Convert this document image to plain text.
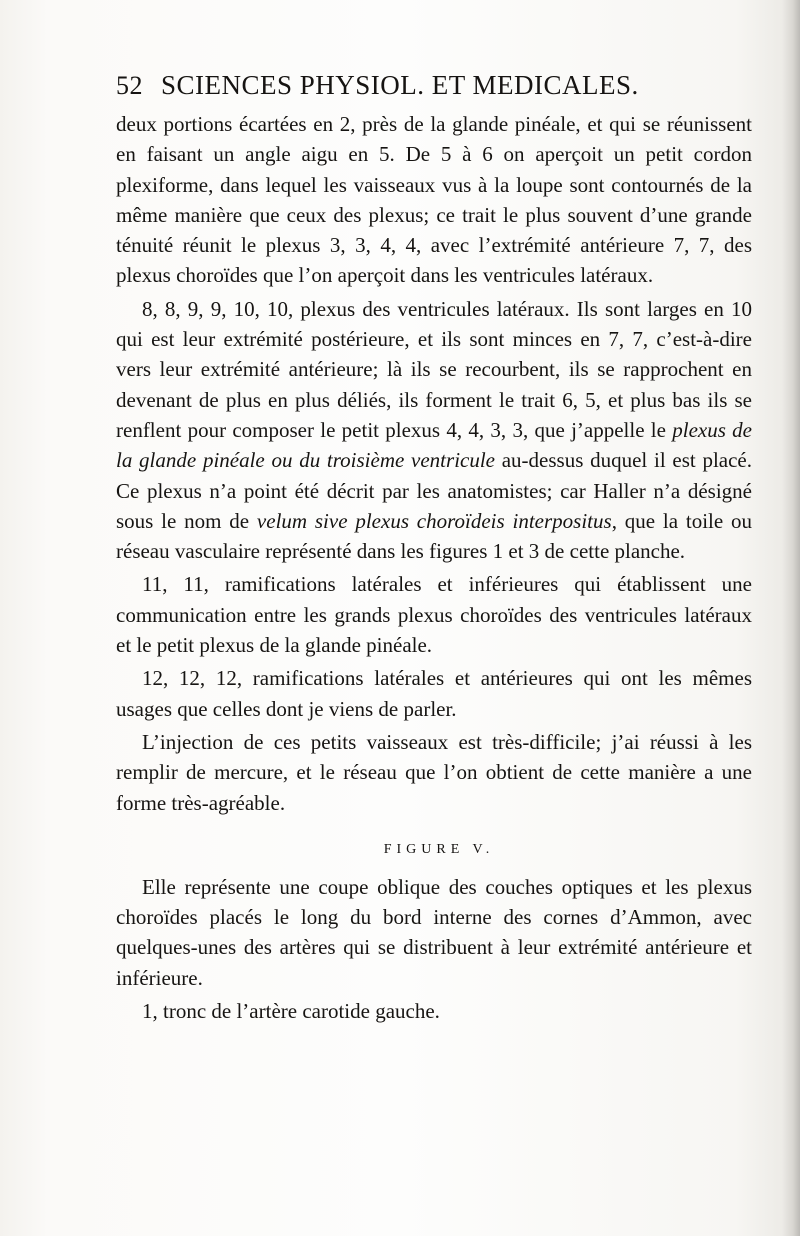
52 SCIENCES PHYSIOL. ET MEDICALES.

deux portions écartées en 2, près de la glande pinéale, et qui se réunissent en faisant un angle aigu en 5. De 5 à 6 on aperçoit un petit cordon plexiforme, dans lequel les vaisseaux vus à la loupe sont contournés de la même manière que ceux des plexus; ce trait le plus souvent d’une grande ténuité réunit le plexus 3, 3, 4, 4, avec l’extrémité antérieure 7, 7, des plexus choroïdes que l’on aperçoit dans les ventricules latéraux.

8, 8, 9, 9, 10, 10, plexus des ventricules latéraux. Ils sont larges en 10 qui est leur extrémité postérieure, et ils sont minces en 7, 7, c’est-à-dire vers leur extrémité antérieure; là ils se recourbent, ils se rapprochent en devenant de plus en plus déliés, ils forment le trait 6, 5, et plus bas ils se renflent pour composer le petit plexus 4, 4, 3, 3, que j’appelle le plexus de la glande pinéale ou du troisième ventricule au-dessus duquel il est placé. Ce plexus n’a point été décrit par les anatomistes; car Haller n’a désigné sous le nom de velum sive plexus choroïdeis interpositus, que la toile ou réseau vasculaire représenté dans les figures 1 et 3 de cette planche.

11, 11, ramifications latérales et inférieures qui établissent une communication entre les grands plexus choroïdes des ventricules latéraux et le petit plexus de la glande pinéale.

12, 12, 12, ramifications latérales et antérieures qui ont les mêmes usages que celles dont je viens de parler.

L’injection de ces petits vaisseaux est très-difficile; j’ai réussi à les remplir de mercure, et le réseau que l’on obtient de cette manière a une forme très-agréable.

FIGURE V.

Elle représente une coupe oblique des couches optiques et les plexus choroïdes placés le long du bord interne des cornes d’Ammon, avec quelques-unes des artères qui se distribuent à leur extrémité antérieure et inférieure.

1, tronc de l’artère carotide gauche.
